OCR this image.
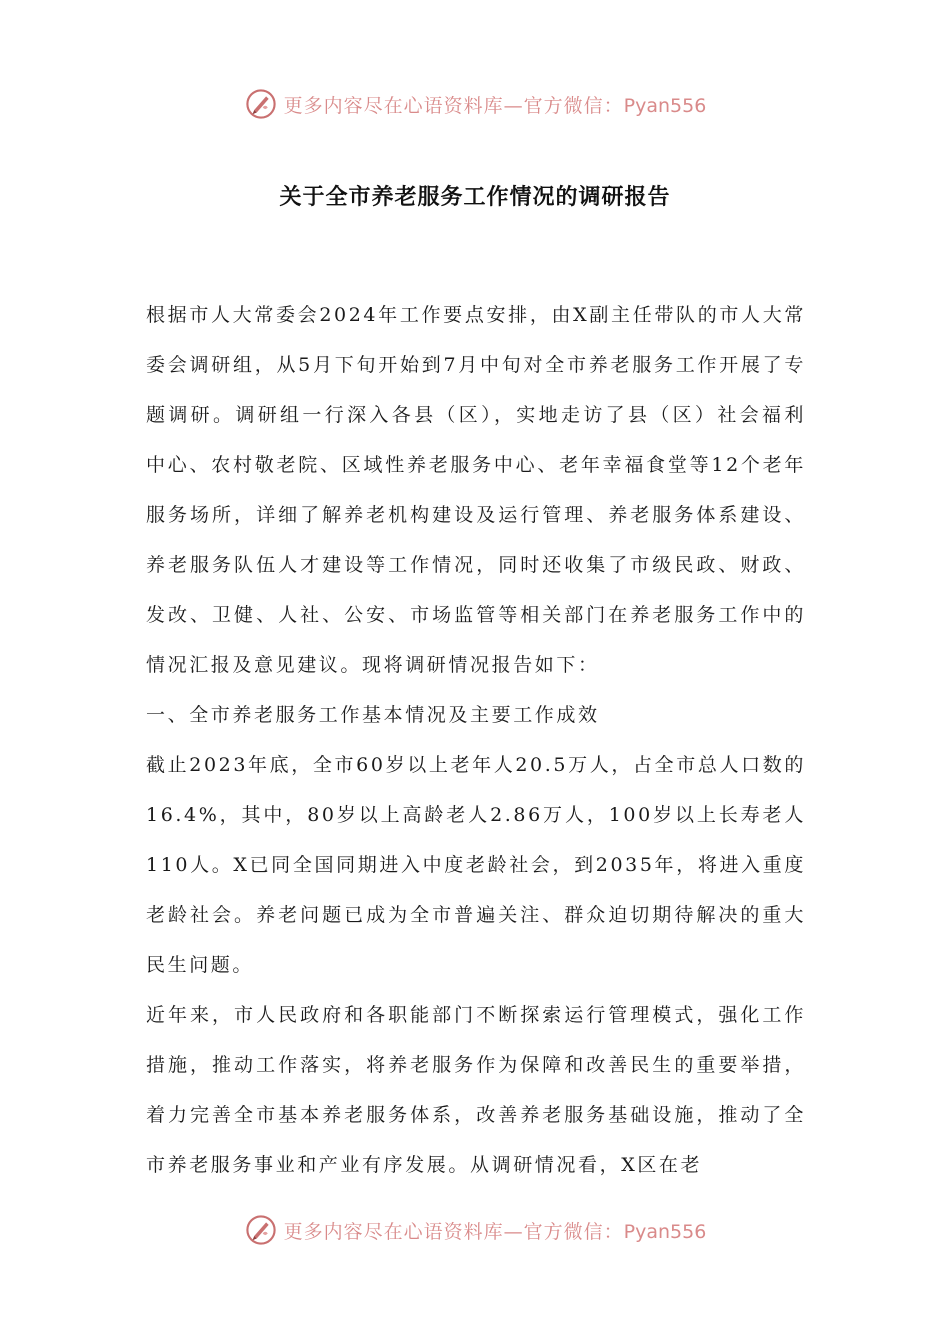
更多内容尽在心语资料库—官方微信：Pyan556
关于全市养老服务工作情况的调研报告

根据市人大常委会2024年工作要点安排，由X副主任带队的市人大常委会调研组，从5月下旬开始到7月中旬对全市养老服务工作开展了专题调研。调研组一行深入各县（区），实地走访了县（区）社会福利中心、农村敬老院、区域性养老服务中心、老年幸福食堂等12个老年服务场所，详细了解养老机构建设及运行管理、养老服务体系建设、养老服务队伍人才建设等工作情况，同时还收集了市级民政、财政、发改、卫健、人社、公安、市场监管等相关部门在养老服务工作中的情况汇报及意见建议。现将调研情况报告如下：

一、全市养老服务工作基本情况及主要工作成效

截止2023年底，全市60岁以上老年人20.5万人，占全市总人口数的16.4%，其中，80岁以上高龄老人2.86万人，100岁以上长寿老人110人。X已同全国同期进入中度老龄社会，到2035年，将进入重度老龄社会。养老问题已成为全市普遍关注、群众迫切期待解决的重大民生问题。

近年来，市人民政府和各职能部门不断探索运行管理模式，强化工作措施，推动工作落实，将养老服务作为保障和改善民生的重要举措，着力完善全市基本养老服务体系，改善养老服务基础设施，推动了全市养老服务事业和产业有序发展。从调研情况看，X区在老

更多内容尽在心语资料库—官方微信：Pyan556
